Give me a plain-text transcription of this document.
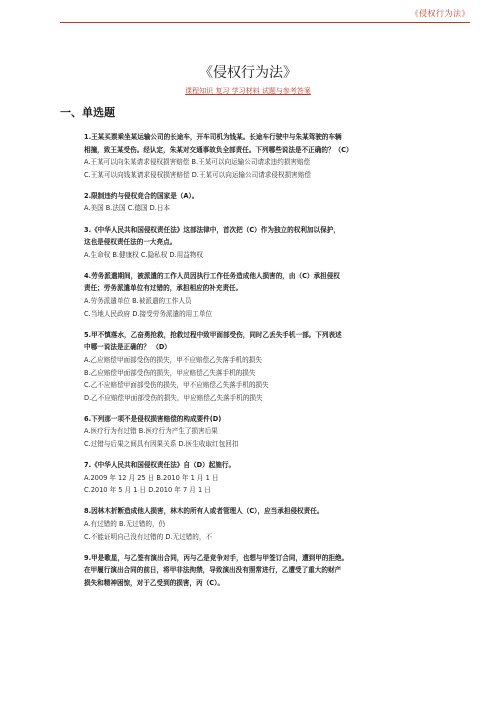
《侵权行为法》
《侵权行为法》
课程知识 复习 学习材料 试题与参考答案
一、单选题
1.王某买票乘坐某运输公司的长途车，开车司机为钱某。长途车行驶中与朱某驾驶的车辆
相撞，致王某受伤。经认定，朱某对交通事故负全部责任。下列哪些说法是不正确的？（C）
A.王某可以向朱某请求侵权损害赔偿 B.王某可以向运输公司请求违约损害赔偿
C.王某可以向钱某请求侵权损害赔偿 D.王某可以向运输公司请求侵权损害赔偿
2.限制违约与侵权竞合的国家是（A）。
A.美国 B.法国 C.德国 D.日本
3.《中华人民共和国侵权责任法》这部法律中，首次把（C）作为独立的权利加以保护，
这也是侵权责任法的一大亮点。
A.生命权 B.健康权 C.隐私权 D.用益物权
4.劳务派遣期间，被派遣的工作人员因执行工作任务造成他人损害的，由（C）承担侵权
责任；劳务派遣单位有过错的，承担相应的补充责任。
A.劳务派遣单位 B.被派遣的工作人员
C.当地人民政府 D.接受劳务派遣的用工单位
5.甲不慎落水，乙奋勇抢救，抢救过程中致甲面部受伤，同时乙丢失手机一部。下列表述
中哪一说法是正确的？ （D）
A.乙应赔偿甲面部受伤的损失，甲不应赔偿乙失落手机的损失
B.乙应赔偿甲面部受伤的损失，甲应赔偿乙失落手机的损失
C.乙不应赔偿甲面部受伤的损失，甲不应赔偿乙失落手机的损失
D.乙不应赔偿甲面部受伤的损失，甲应赔偿乙失落手机的损失
6.下列那一项不是侵权损害赔偿的构成要件(D)
A.医疗行为有过错 B.医疗行为产生了损害后果
C.过错与后果之间具有因果关系 D.医生收取红包回扣
7.《中华人民共和国侵权责任法》自（D）起施行。
A.2009 年 12 月 25 日 B.2010 年 1 月 1 日
C.2010 年 5 月 1 日 D.2010 年 7 月 1 日
8.因林木折断造成他人损害，林木的所有人或者管理人（C），应当承担侵权责任。
A.有过错的 B.无过错的，仍
C.不能证明自己没有过错的 D.无过错的，不
9.甲是歌星，与乙签有演出合同，丙与乙是竞争对手，也想与甲签订合同，遭到甲的拒绝。
在甲履行演出合同的前日，将甲非法拘禁，导致演出没有照常进行，乙遭受了重大的财产
损失和精神困惊，对于乙受到的损害，丙（C）。
